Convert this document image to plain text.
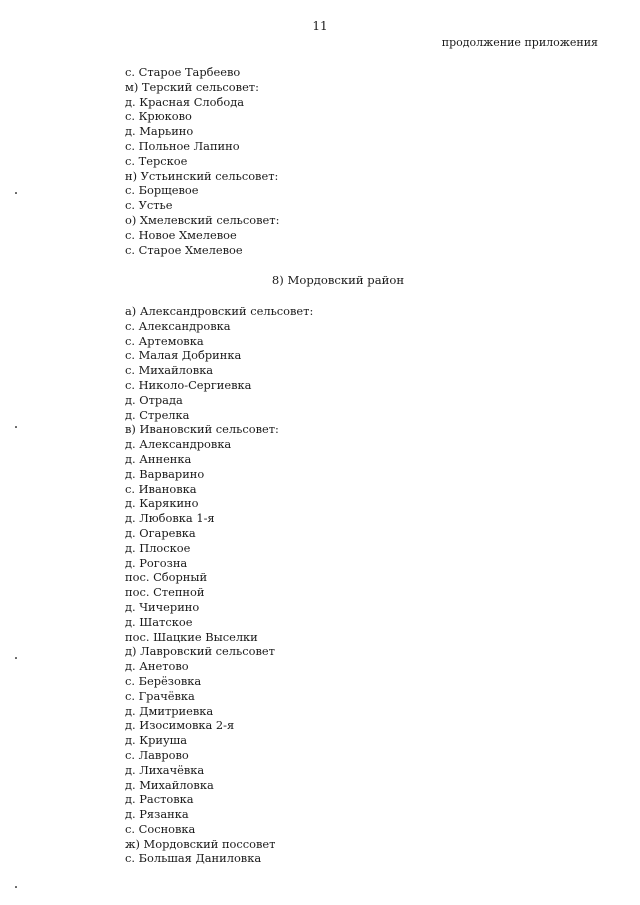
11
продолжение приложения
с. Старое Тарбеево
м) Терский сельсовет:
д. Красная Слобода
с. Крюково
д. Марьино
с. Польное Лапино
с. Терское
н) Устьинский сельсовет:
с. Борщевое
с. Устье
о) Хмелевский сельсовет:
с. Новое Хмелевое
с. Старое Хмелевое
8) Мордовский район
а) Александровский сельсовет:
с. Александровка
с. Артемовка
с. Малая Добринка
с. Михайловка
с. Николо-Сергиевка
д. Отрада
д. Стрелка
в) Ивановский сельсовет:
д. Александровка
д. Анненка
д. Варварино
с. Ивановка
д. Карякино
д. Любовка 1-я
д. Огаревка
д. Плоское
д. Рогозна
пос. Сборный
пос. Степной
д. Чичерино
д. Шатское
пос. Шацкие Выселки
д) Лавровский сельсовет
д. Анетово
с. Берёзовка
с. Грачёвка
д. Дмитриевка
д. Изосимовка 2-я
д. Криуша
с. Лаврово
д. Лихачёвка
д. Михайловка
д. Растовка
д. Рязанка
с. Сосновка
ж) Мордовский поссовет
с. Большая Даниловка
